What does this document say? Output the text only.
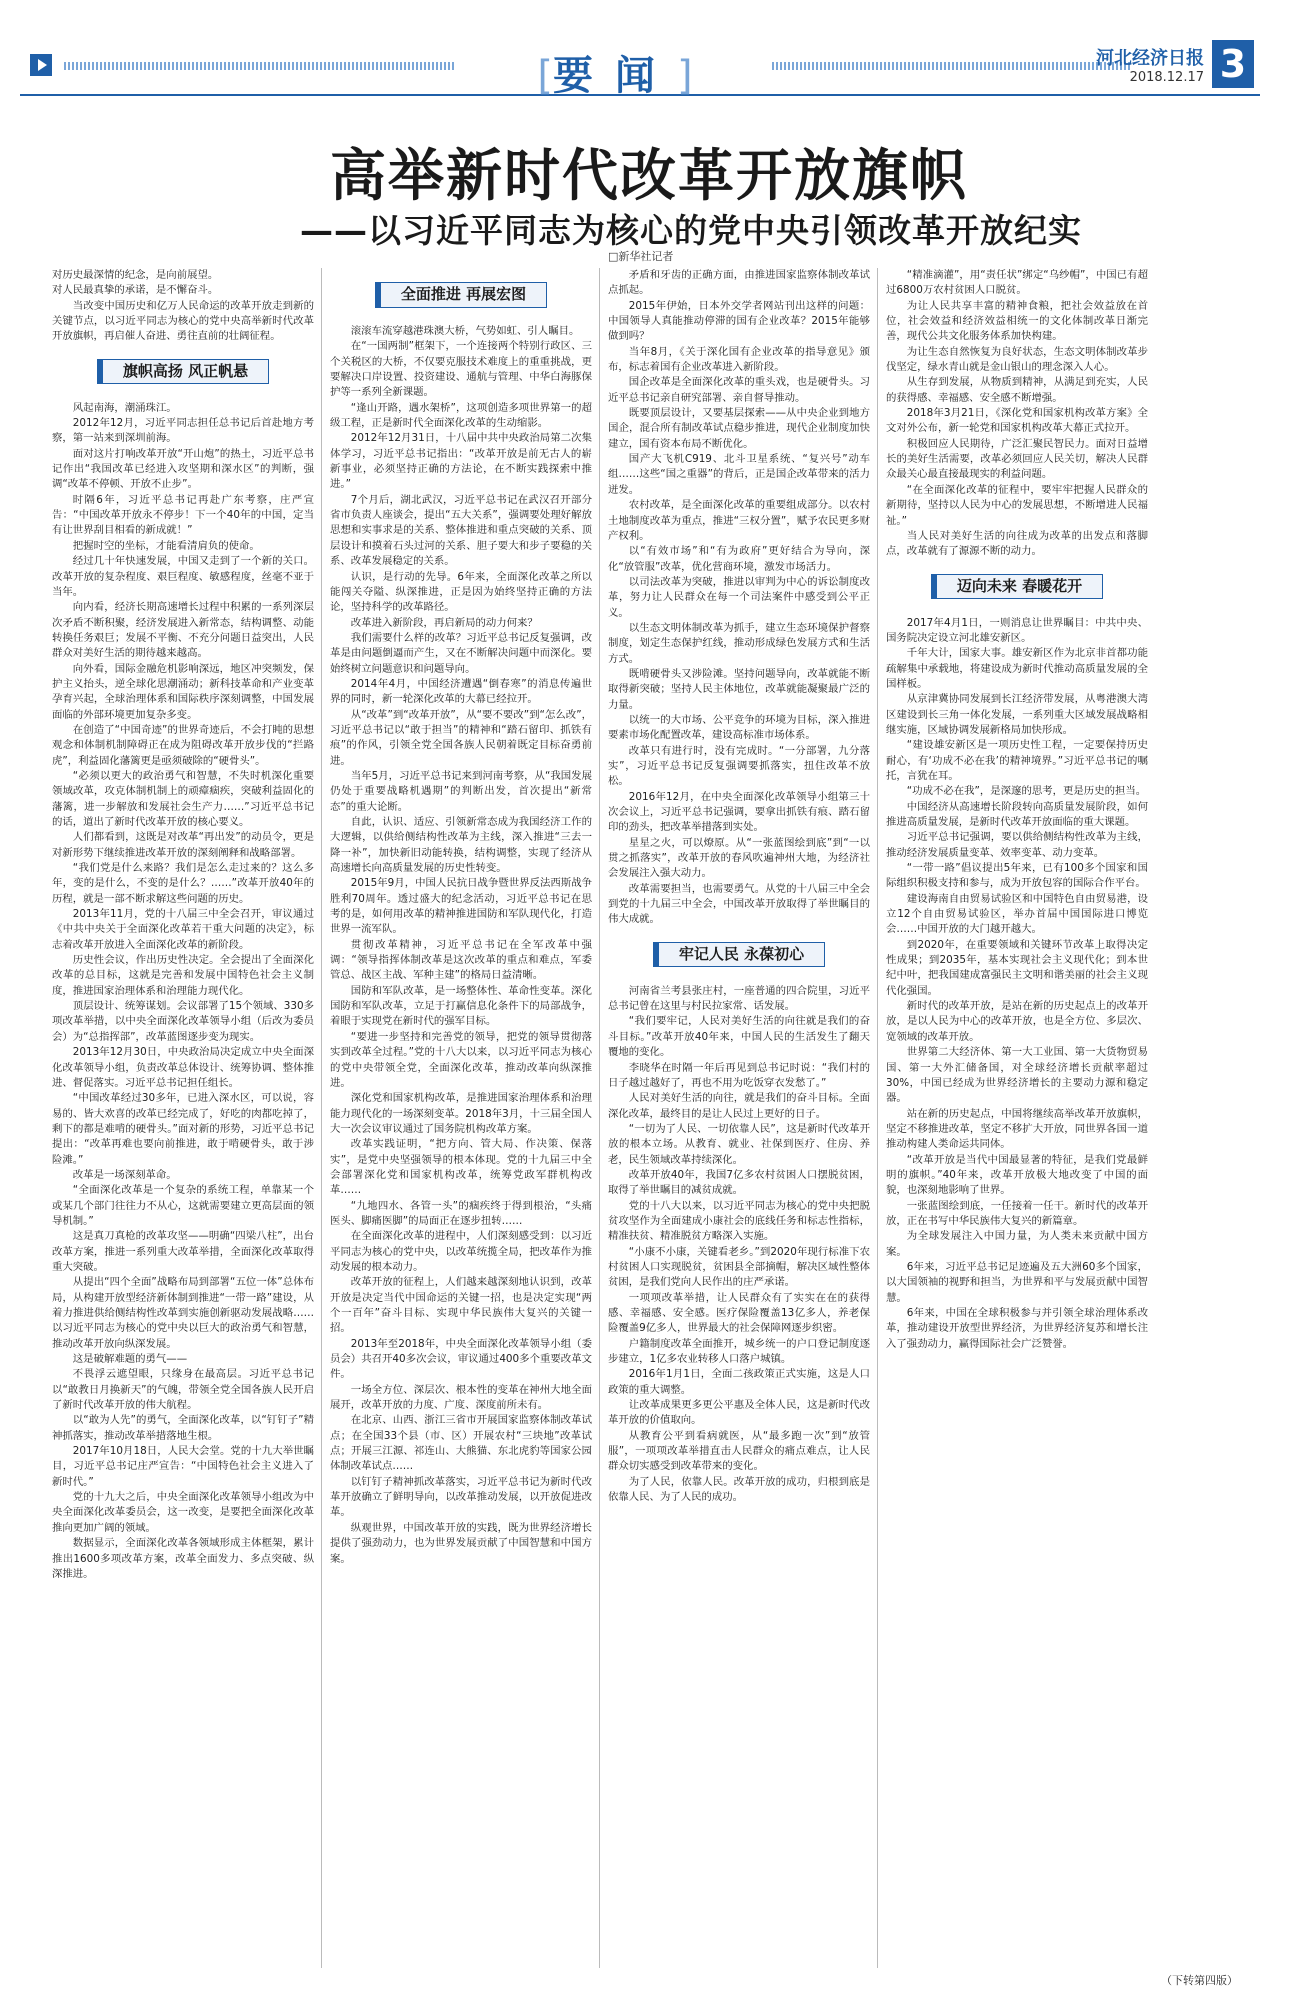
[要闻]	河北经济日报
2018.12.17 3
高举新时代改革开放旗帜
——以习近平同志为核心的党中央引领改革开放纪实
□新华社记者

对历史最深情的纪念，是向前展望。

对人民最真挚的承诺，是不懈奋斗。

当改变中国历史和亿万人民命运的改革开放走到新的关键节点，以习近平同志为核心的党中央高举新时代改革开放旗帜，再启催人奋进、勇往直前的壮阔征程。

旗帜高扬 风正帆悬

风起南海，潮涌珠江。

2012年12月，习近平同志担任总书记后首赴地方考察，第一站来到深圳前海。

面对这片打响改革开放“开山炮”的热土，习近平总书记作出“我国改革已经进入攻坚期和深水区”的判断，强调“改革不停顿、开放不止步”。

时隔6年，习近平总书记再赴广东考察，庄严宣告：“中国改革开放永不停步！下一个40年的中国，定当有让世界刮目相看的新成就！”

把握时空的坐标，才能看清肩负的使命。

经过几十年快速发展，中国又走到了一个新的关口。改革开放的复杂程度、艰巨程度、敏感程度，丝毫不亚于当年。

向内看，经济长期高速增长过程中积累的一系列深层次矛盾不断积聚，经济发展进入新常态，结构调整、动能转换任务艰巨；发展不平衡、不充分问题日益突出，人民群众对美好生活的期待越来越高。

向外看，国际金融危机影响深远，地区冲突频发，保护主义抬头，逆全球化思潮涌动；新科技革命和产业变革孕育兴起，全球治理体系和国际秩序深刻调整，中国发展面临的外部环境更加复杂多变。

在创造了“中国奇迹”的世界奇迹后，不会打盹的思想观念和体制机制障碍正在成为阻碍改革开放步伐的“拦路虎”，利益固化藩篱更是亟须破除的“硬骨头”。

“必须以更大的政治勇气和智慧，不失时机深化重要领域改革，攻克体制机制上的顽瘴痼疾，突破利益固化的藩篱，进一步解放和发展社会生产力……”习近平总书记的话，道出了新时代改革开放的核心要义。

人们都看到，这既是对改革“再出发”的动员令，更是对新形势下继续推进改革开放的深刻阐释和战略部署。

“我们党是什么来路？我们是怎么走过来的？这么多年，变的是什么，不变的是什么？……”改革开放40年的历程，就是一部不断求解这些问题的历史。

2013年11月，党的十八届三中全会召开，审议通过《中共中央关于全面深化改革若干重大问题的决定》，标志着改革开放进入全面深化改革的新阶段。

历史性会议，作出历史性决定。全会提出了全面深化改革的总目标，这就是完善和发展中国特色社会主义制度，推进国家治理体系和治理能力现代化。

顶层设计、统筹谋划。会议部署了15个领域、330多项改革举措，以中央全面深化改革领导小组（后改为委员会）为“总指挥部”，改革蓝图逐步变为现实。

2013年12月30日，中央政治局决定成立中央全面深化改革领导小组，负责改革总体设计、统筹协调、整体推进、督促落实。习近平总书记担任组长。

“中国改革经过30多年，已进入深水区，可以说，容易的、皆大欢喜的改革已经完成了，好吃的肉都吃掉了，剩下的都是难啃的硬骨头。”面对新的形势，习近平总书记提出：“改革再难也要向前推进，敢于啃硬骨头，敢于涉险滩。”

改革是一场深刻革命。

“全面深化改革是一个复杂的系统工程，单靠某一个或某几个部门往往力不从心，这就需要建立更高层面的领导机制。”

这是真刀真枪的改革攻坚——明确“四梁八柱”，出台改革方案，推进一系列重大改革举措，全面深化改革取得重大突破。

从提出“四个全面”战略布局到部署“五位一体”总体布局，从构建开放型经济新体制到推进“一带一路”建设，从着力推进供给侧结构性改革到实施创新驱动发展战略……以习近平同志为核心的党中央以巨大的政治勇气和智慧，推动改革开放向纵深发展。

这是破解难题的勇气——

不畏浮云遮望眼，只缘身在最高层。习近平总书记以“敢教日月换新天”的气魄，带领全党全国各族人民开启了新时代改革开放的伟大航程。

以“敢为人先”的勇气，全面深化改革，以“钉钉子”精神抓落实，推动改革举措落地生根。

2017年10月18日，人民大会堂。党的十九大举世瞩目，习近平总书记庄严宣告：“中国特色社会主义进入了新时代。”

党的十九大之后，中央全面深化改革领导小组改为中央全面深化改革委员会，这一改变，是要把全面深化改革推向更加广阔的领域。

数据显示，全面深化改革各领域形成主体框架，累计推出1600多项改革方案，改革全面发力、多点突破、纵深推进。

全面推进 再展宏图

滚滚车流穿越港珠澳大桥，气势如虹、引人瞩目。

在“一国两制”框架下，一个连接两个特别行政区、三个关税区的大桥，不仅要克服技术难度上的重重挑战，更要解决口岸设置、投资建设、通航与管理、中华白海豚保护等一系列全新课题。

“逢山开路，遇水架桥”，这项创造多项世界第一的超级工程，正是新时代全面深化改革的生动缩影。

2012年12月31日，十八届中共中央政治局第二次集体学习，习近平总书记指出：“改革开放是前无古人的崭新事业，必须坚持正确的方法论，在不断实践探索中推进。”

7个月后，湖北武汉，习近平总书记在武汉召开部分省市负责人座谈会，提出“五大关系”，强调要处理好解放思想和实事求是的关系、整体推进和重点突破的关系、顶层设计和摸着石头过河的关系、胆子要大和步子要稳的关系、改革发展稳定的关系。

认识，是行动的先导。6年来，全面深化改革之所以能闯关夺隘、纵深推进，正是因为始终坚持正确的方法论，坚持科学的改革路径。

改革进入新阶段，再启新局的动力何来？

我们需要什么样的改革？习近平总书记反复强调，改革是由问题倒逼而产生，又在不断解决问题中而深化。要始终树立问题意识和问题导向。

2014年4月，中国经济遭遇“倒春寒”的消息传遍世界的同时，新一轮深化改革的大幕已经拉开。

从“改革”到“改革开放”，从“要不要改”到“怎么改”，习近平总书记以“敢于担当”的精神和“踏石留印、抓铁有痕”的作风，引领全党全国各族人民朝着既定目标奋勇前进。

当年5月，习近平总书记来到河南考察，从“我国发展仍处于重要战略机遇期”的判断出发，首次提出“新常态”的重大论断。

自此，认识、适应、引领新常态成为我国经济工作的大逻辑，以供给侧结构性改革为主线，深入推进“三去一降一补”，加快新旧动能转换，结构调整，实现了经济从高速增长向高质量发展的历史性转变。

2015年9月，中国人民抗日战争暨世界反法西斯战争胜利70周年。透过盛大的纪念活动，习近平总书记在思考的是，如何用改革的精神推进国防和军队现代化，打造世界一流军队。

贯彻改革精神，习近平总书记在全军改革中强调：“领导指挥体制改革是这次改革的重点和难点，军委管总、战区主战、军种主建”的格局日益清晰。

国防和军队改革，是一场整体性、革命性变革。深化国防和军队改革，立足于打赢信息化条件下的局部战争，着眼于实现党在新时代的强军目标。

“要进一步坚持和完善党的领导，把党的领导贯彻落实到改革全过程。”党的十八大以来，以习近平同志为核心的党中央带领全党，全面深化改革，推动改革向纵深推进。

深化党和国家机构改革，是推进国家治理体系和治理能力现代化的一场深刻变革。2018年3月，十三届全国人大一次会议审议通过了国务院机构改革方案。

改革实践证明，“把方向、管大局、作决策、保落实”，是党中央坚强领导的根本体现。党的十九届三中全会部署深化党和国家机构改革，统筹党政军群机构改革……

“九地四水、各管一头”的痼疾终于得到根治，“头痛医头、脚痛医脚”的局面正在逐步扭转……

在全面深化改革的进程中，人们深刻感受到：以习近平同志为核心的党中央，以改革统揽全局，把改革作为推动发展的根本动力。

改革开放的征程上，人们越来越深刻地认识到，改革开放是决定当代中国命运的关键一招，也是决定实现“两个一百年”奋斗目标、实现中华民族伟大复兴的关键一招。

2013年至2018年，中央全面深化改革领导小组（委员会）共召开40多次会议，审议通过400多个重要改革文件。

一场全方位、深层次、根本性的变革在神州大地全面展开，改革开放的力度、广度、深度前所未有。

在北京、山西、浙江三省市开展国家监察体制改革试点；在全国33个县（市、区）开展农村“三块地”改革试点；开展三江源、祁连山、大熊猫、东北虎豹等国家公园体制改革试点……

以钉钉子精神抓改革落实，习近平总书记为新时代改革开放确立了鲜明导向，以改革推动发展，以开放促进改革。

纵观世界，中国改革开放的实践，既为世界经济增长提供了强劲动力，也为世界发展贡献了中国智慧和中国方案。

矛盾和牙齿的正确方面，由推进国家监察体制改革试点抓起。

2015年伊始，日本外交学者网站刊出这样的问题：中国领导人真能推动停滞的国有企业改革？2015年能够做到吗？

当年8月，《关于深化国有企业改革的指导意见》颁布，标志着国有企业改革进入新阶段。

国企改革是全面深化改革的重头戏，也是硬骨头。习近平总书记亲自研究部署、亲自督导推动。

既要顶层设计，又要基层探索——从中央企业到地方国企，混合所有制改革试点稳步推进，现代企业制度加快建立，国有资本布局不断优化。

国产大飞机C919、北斗卫星系统、“复兴号”动车组……这些“国之重器”的背后，正是国企改革带来的活力迸发。

农村改革，是全面深化改革的重要组成部分。以农村土地制度改革为重点，推进“三权分置”，赋予农民更多财产权利。

以“有效市场”和“有为政府”更好结合为导向，深化“放管服”改革，优化营商环境，激发市场活力。

以司法改革为突破，推进以审判为中心的诉讼制度改革，努力让人民群众在每一个司法案件中感受到公平正义。

以生态文明体制改革为抓手，建立生态环境保护督察制度，划定生态保护红线，推动形成绿色发展方式和生活方式。

既啃硬骨头又涉险滩。坚持问题导向，改革就能不断取得新突破；坚持人民主体地位，改革就能凝聚最广泛的力量。

以统一的大市场、公平竞争的环境为目标，深入推进要素市场化配置改革，建设高标准市场体系。

改革只有进行时，没有完成时。“一分部署，九分落实”，习近平总书记反复强调要抓落实，扭住改革不放松。

2016年12月，在中央全面深化改革领导小组第三十次会议上，习近平总书记强调，要拿出抓铁有痕、踏石留印的劲头，把改革举措落到实处。

星星之火，可以燎原。从“一张蓝图绘到底”到“一以贯之抓落实”，改革开放的春风吹遍神州大地，为经济社会发展注入强大动力。

改革需要担当，也需要勇气。从党的十八届三中全会到党的十九届三中全会，中国改革开放取得了举世瞩目的伟大成就。

牢记人民 永葆初心

河南省兰考县张庄村，一座普通的四合院里，习近平总书记曾在这里与村民拉家常、话发展。

“我们要牢记，人民对美好生活的向往就是我们的奋斗目标。”改革开放40年来，中国人民的生活发生了翻天覆地的变化。

李晓华在时隔一年后再见到总书记时说：“我们村的日子越过越好了，再也不用为吃饭穿衣发愁了。”

人民对美好生活的向往，就是我们的奋斗目标。全面深化改革，最终目的是让人民过上更好的日子。

“一切为了人民、一切依靠人民”，这是新时代改革开放的根本立场。从教育、就业、社保到医疗、住房、养老，民生领域改革持续深化。

改革开放40年，我国7亿多农村贫困人口摆脱贫困，取得了举世瞩目的减贫成就。

党的十八大以来，以习近平同志为核心的党中央把脱贫攻坚作为全面建成小康社会的底线任务和标志性指标，精准扶贫、精准脱贫方略深入实施。

“小康不小康，关键看老乡。”到2020年现行标准下农村贫困人口实现脱贫，贫困县全部摘帽，解决区域性整体贫困，是我们党向人民作出的庄严承诺。

一项项改革举措，让人民群众有了实实在在的获得感、幸福感、安全感。医疗保险覆盖13亿多人，养老保险覆盖9亿多人，世界最大的社会保障网逐步织密。

户籍制度改革全面推开，城乡统一的户口登记制度逐步建立，1亿多农业转移人口落户城镇。

2016年1月1日，全面二孩政策正式实施，这是人口政策的重大调整。

让改革成果更多更公平惠及全体人民，这是新时代改革开放的价值取向。

从教育公平到看病就医，从“最多跑一次”到“放管服”，一项项改革举措直击人民群众的痛点难点，让人民群众切实感受到改革带来的变化。

为了人民，依靠人民。改革开放的成功，归根到底是依靠人民、为了人民的成功。

“精准滴灌”，用“责任状”绑定“乌纱帽”，中国已有超过6800万农村贫困人口脱贫。

为让人民共享丰富的精神食粮，把社会效益放在首位，社会效益和经济效益相统一的文化体制改革日渐完善，现代公共文化服务体系加快构建。

为让生态自然恢复为良好状态，生态文明体制改革步伐坚定，绿水青山就是金山银山的理念深入人心。

从生存到发展，从物质到精神，从满足到充实，人民的获得感、幸福感、安全感不断增强。

2018年3月21日，《深化党和国家机构改革方案》全文对外公布，新一轮党和国家机构改革大幕正式拉开。

积极回应人民期待，广泛汇聚民智民力。面对日益增长的美好生活需要，改革必须回应人民关切，解决人民群众最关心最直接最现实的利益问题。

“在全面深化改革的征程中，要牢牢把握人民群众的新期待，坚持以人民为中心的发展思想，不断增进人民福祉。”

当人民对美好生活的向往成为改革的出发点和落脚点，改革就有了源源不断的动力。

迈向未来 春暖花开

2017年4月1日，一则消息让世界瞩目：中共中央、国务院决定设立河北雄安新区。

千年大计，国家大事。雄安新区作为北京非首都功能疏解集中承载地，将建设成为新时代推动高质量发展的全国样板。

从京津冀协同发展到长江经济带发展，从粤港澳大湾区建设到长三角一体化发展，一系列重大区域发展战略相继实施，区域协调发展新格局加快形成。

“建设雄安新区是一项历史性工程，一定要保持历史耐心，有‘功成不必在我’的精神境界。”习近平总书记的嘱托，言犹在耳。

“功成不必在我”，是深邃的思考，更是历史的担当。

中国经济从高速增长阶段转向高质量发展阶段，如何推进高质量发展，是新时代改革开放面临的重大课题。

习近平总书记强调，要以供给侧结构性改革为主线，推动经济发展质量变革、效率变革、动力变革。

“一带一路”倡议提出5年来，已有100多个国家和国际组织积极支持和参与，成为开放包容的国际合作平台。

建设海南自由贸易试验区和中国特色自由贸易港，设立12个自由贸易试验区，举办首届中国国际进口博览会……中国开放的大门越开越大。

到2020年，在重要领域和关键环节改革上取得决定性成果；到2035年，基本实现社会主义现代化；到本世纪中叶，把我国建成富强民主文明和谐美丽的社会主义现代化强国。

新时代的改革开放，是站在新的历史起点上的改革开放，是以人民为中心的改革开放，也是全方位、多层次、宽领域的改革开放。

世界第二大经济体、第一大工业国、第一大货物贸易国、第一大外汇储备国，对全球经济增长贡献率超过30%，中国已经成为世界经济增长的主要动力源和稳定器。

站在新的历史起点，中国将继续高举改革开放旗帜，坚定不移推进改革，坚定不移扩大开放，同世界各国一道推动构建人类命运共同体。

“改革开放是当代中国最显著的特征，是我们党最鲜明的旗帜。”40年来，改革开放极大地改变了中国的面貌，也深刻地影响了世界。

一张蓝图绘到底，一任接着一任干。新时代的改革开放，正在书写中华民族伟大复兴的新篇章。

为全球发展注入中国力量，为人类未来贡献中国方案。

6年来，习近平总书记足迹遍及五大洲60多个国家，以大国领袖的视野和担当，为世界和平与发展贡献中国智慧。

6年来，中国在全球积极参与并引领全球治理体系改革，推动建设开放型世界经济，为世界经济复苏和增长注入了强劲动力，赢得国际社会广泛赞誉。

（下转第四版）
